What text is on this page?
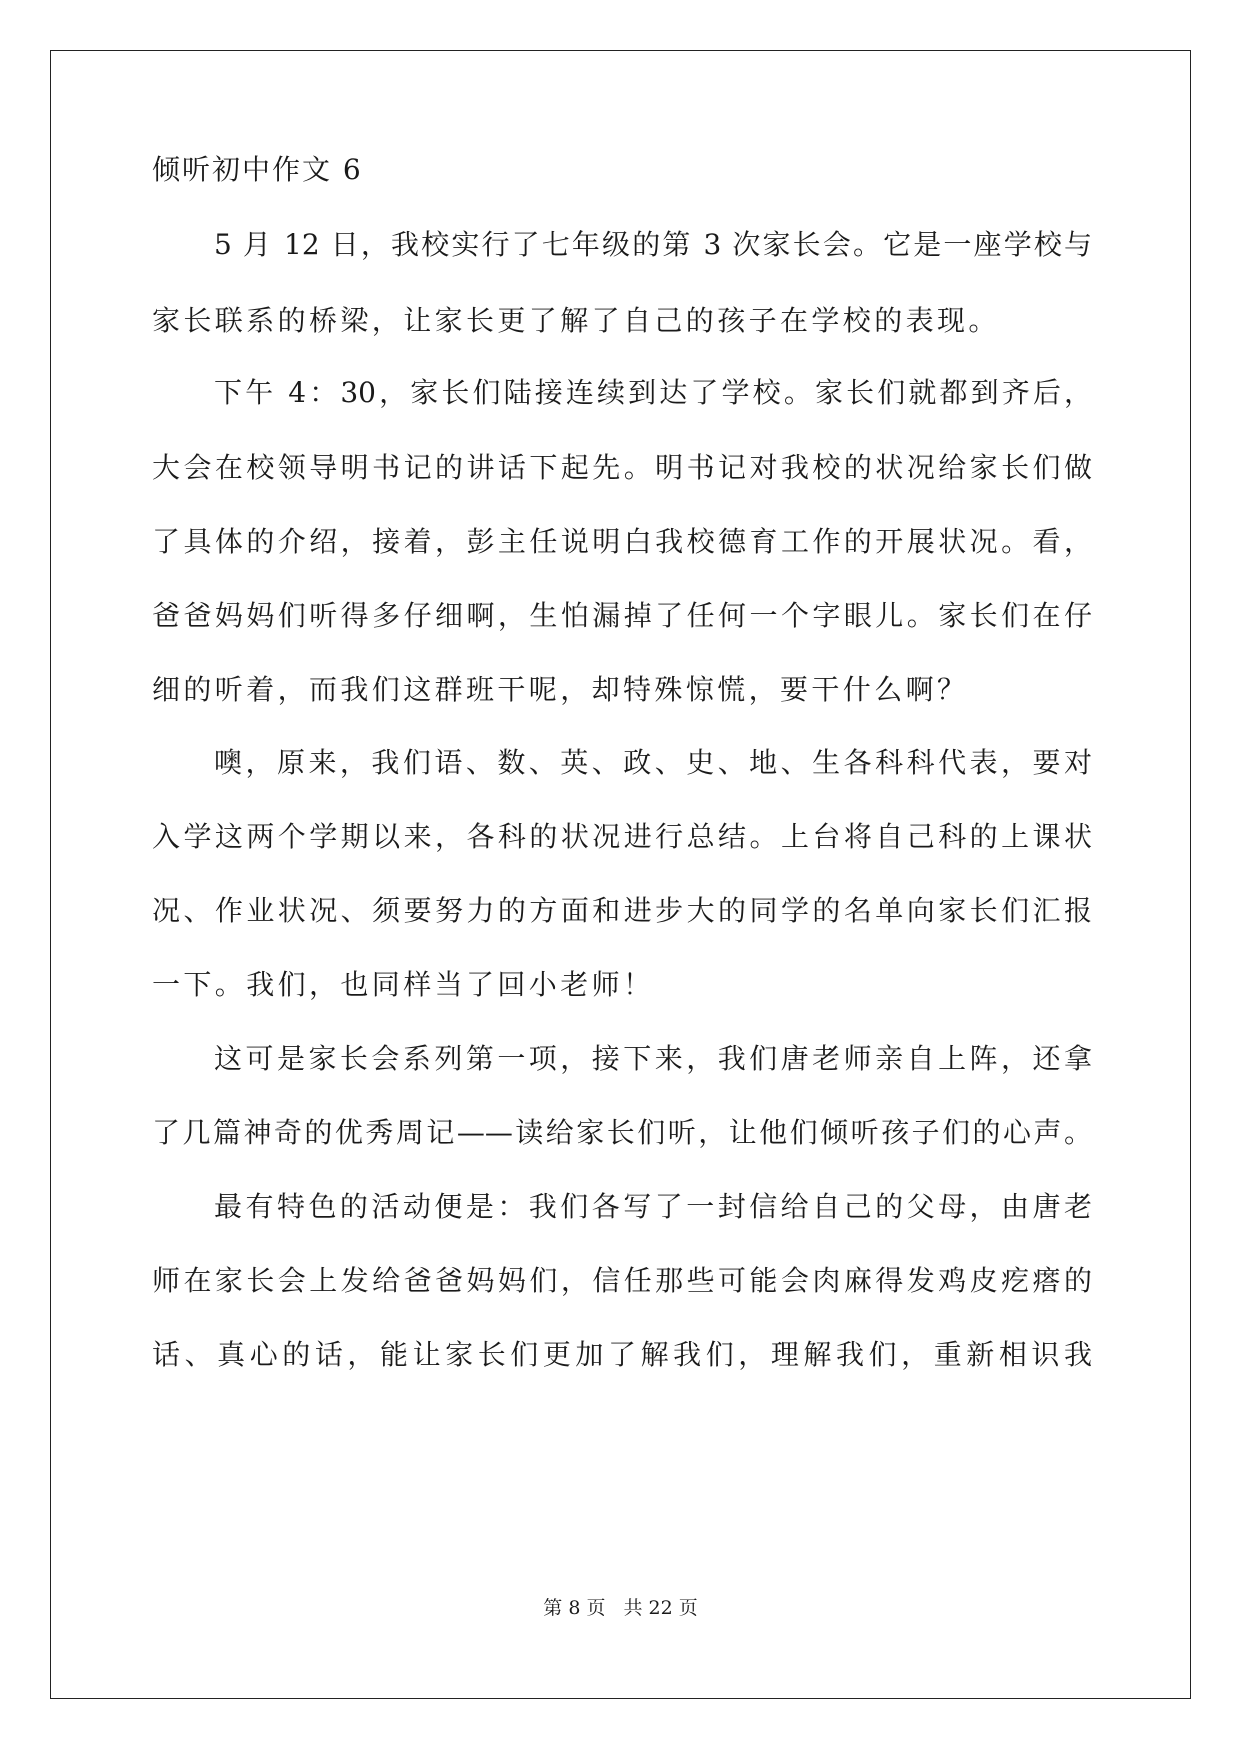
倾听初中作文 6
5 月 12 日，我校实行了七年级的第 3 次家长会。它是一座学校与
家长联系的桥梁，让家长更了解了自己的孩子在学校的表现。
下午 4：30，家长们陆接连续到达了学校。家长们就都到齐后，
大会在校领导明书记的讲话下起先。明书记对我校的状况给家长们做
了具体的介绍，接着，彭主任说明白我校德育工作的开展状况。看，
爸爸妈妈们听得多仔细啊，生怕漏掉了任何一个字眼儿。家长们在仔
细的听着，而我们这群班干呢，却特殊惊慌，要干什么啊？
噢，原来，我们语、数、英、政、史、地、生各科科代表，要对
入学这两个学期以来，各科的状况进行总结。上台将自己科的上课状
况、作业状况、须要努力的方面和进步大的同学的名单向家长们汇报
一下。我们，也同样当了回小老师！
这可是家长会系列第一项，接下来，我们唐老师亲自上阵，还拿
了几篇神奇的优秀周记——读给家长们听，让他们倾听孩子们的心声。
最有特色的活动便是：我们各写了一封信给自己的父母，由唐老
师在家长会上发给爸爸妈妈们，信任那些可能会肉麻得发鸡皮疙瘩的
话、真心的话，能让家长们更加了解我们，理解我们，重新相识我
第 8 页 共 22 页
